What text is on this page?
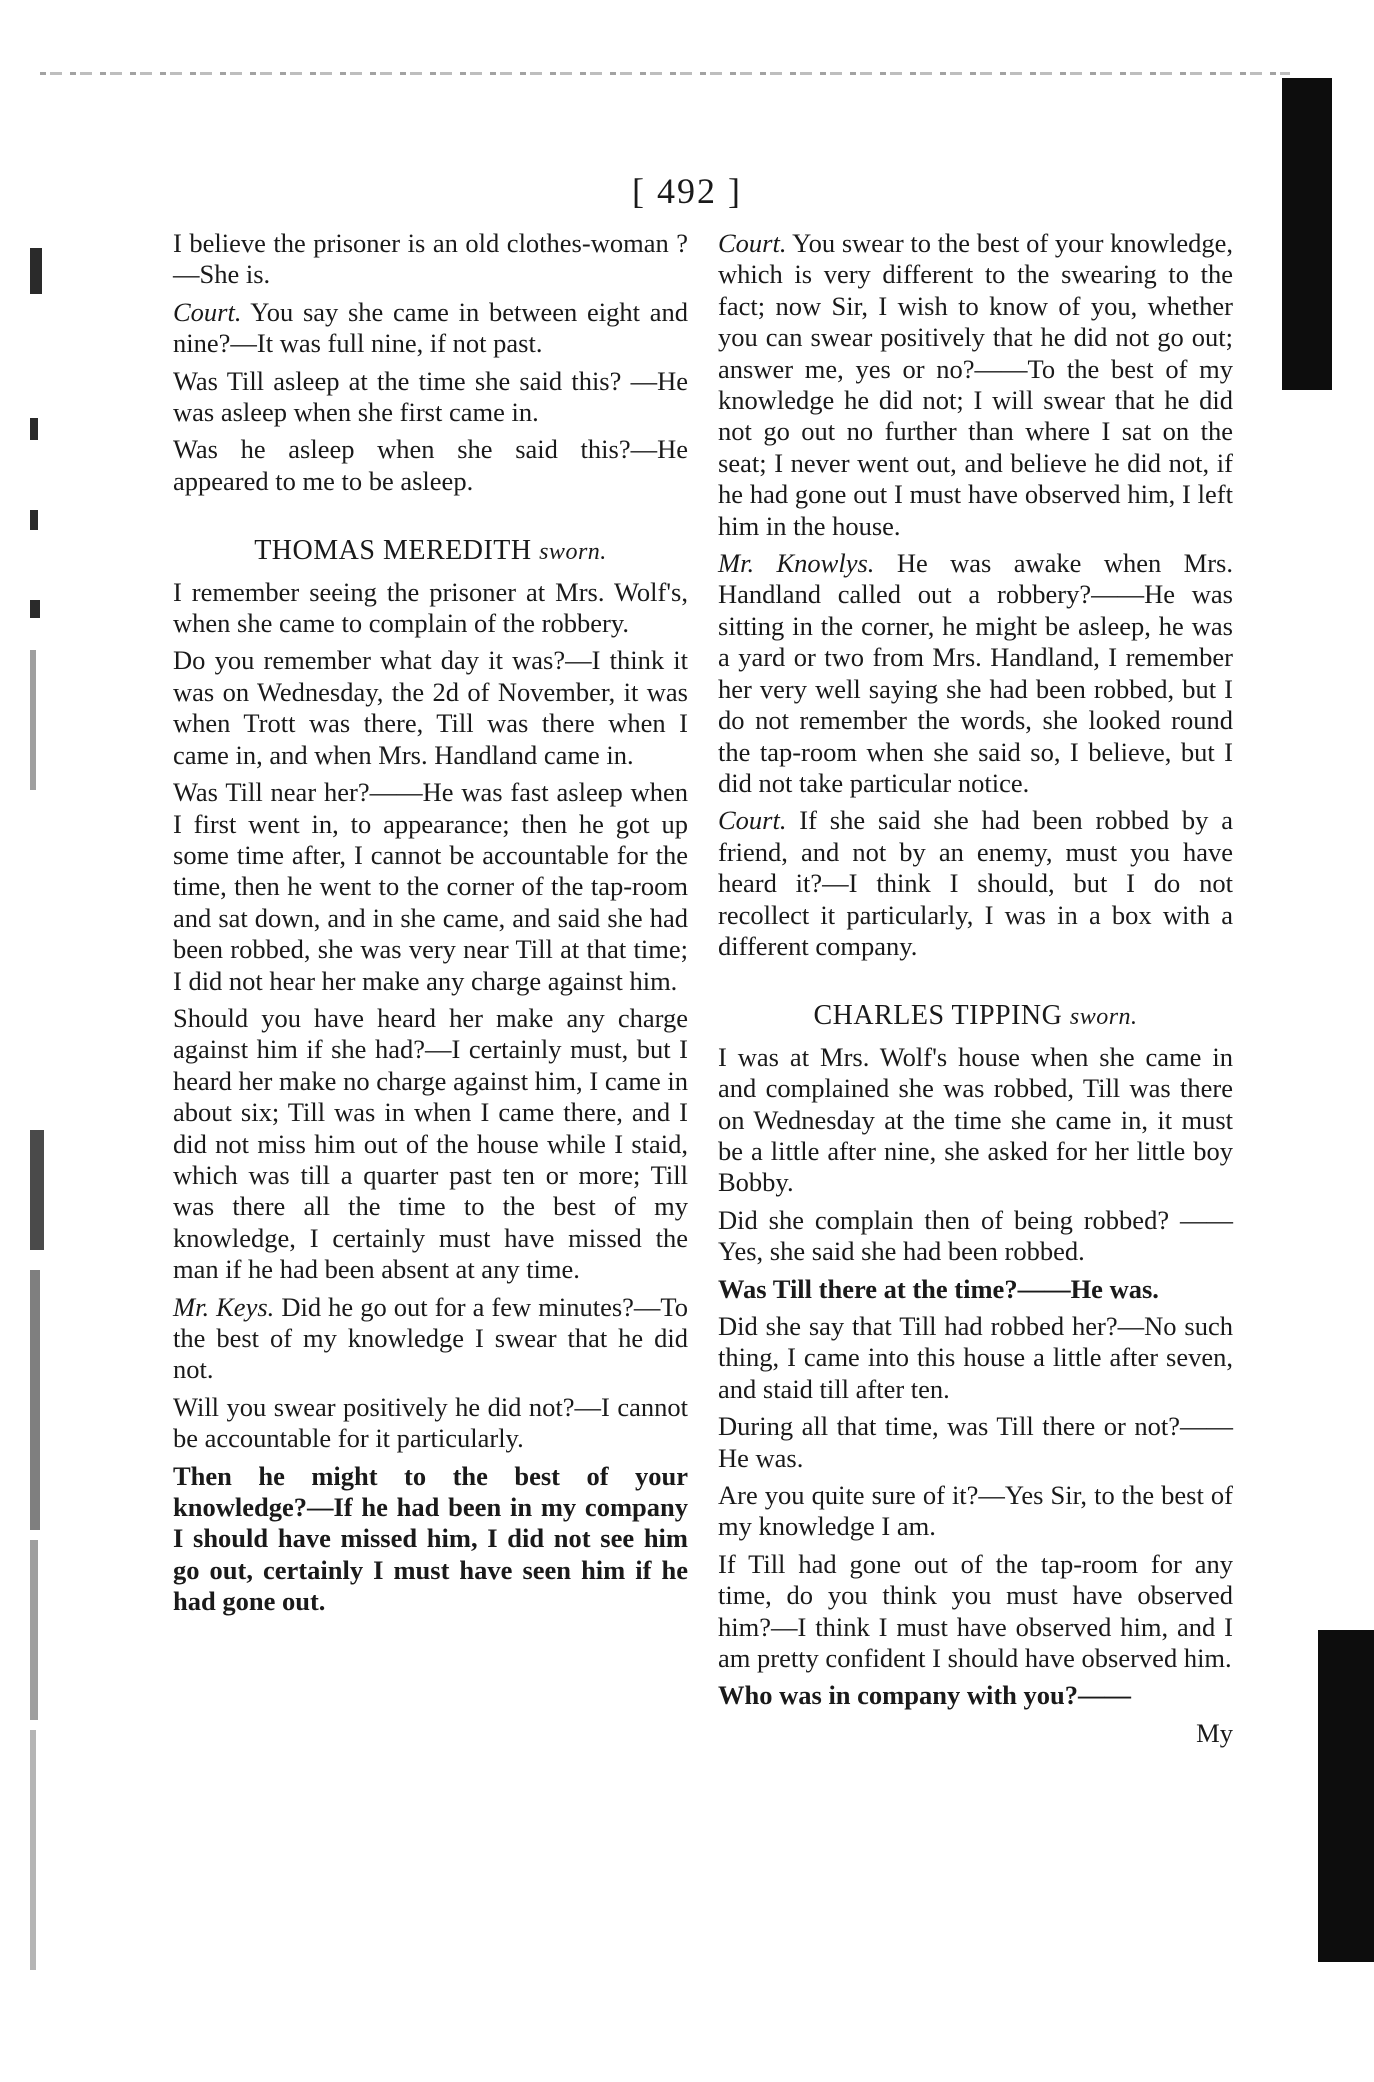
[ 492 ]

I believe the prisoner is an old clothes-woman ?—She is.

Court. You say she came in between eight and nine?—It was full nine, if not past.

Was Till asleep at the time she said this? —He was asleep when she first came in.

Was he asleep when she said this?—He appeared to me to be asleep.

THOMAS MEREDITH sworn.

I remember seeing the prisoner at Mrs. Wolf's, when she came to complain of the robbery.

Do you remember what day it was?—I think it was on Wednesday, the 2d of November, it was when Trott was there, Till was there when I came in, and when Mrs. Handland came in.

Was Till near her?——He was fast asleep when I first went in, to appearance; then he got up some time after, I cannot be accountable for the time, then he went to the corner of the tap-room and sat down, and in she came, and said she had been robbed, she was very near Till at that time; I did not hear her make any charge against him.

Should you have heard her make any charge against him if she had?—I certainly must, but I heard her make no charge against him, I came in about six; Till was in when I came there, and I did not miss him out of the house while I staid, which was till a quarter past ten or more; Till was there all the time to the best of my knowledge, I certainly must have missed the man if he had been absent at any time.

Mr. Keys. Did he go out for a few minutes?—To the best of my knowledge I swear that he did not.

Will you swear positively he did not?—I cannot be accountable for it particularly.

Then he might to the best of your knowledge?—If he had been in my company I should have missed him, I did not see him go out, certainly I must have seen him if he had gone out.

Court. You swear to the best of your knowledge, which is very different to the swearing to the fact; now Sir, I wish to know of you, whether you can swear positively that he did not go out; answer me, yes or no?——To the best of my knowledge he did not; I will swear that he did not go out no further than where I sat on the seat; I never went out, and believe he did not, if he had gone out I must have observed him, I left him in the house.

Mr. Knowlys. He was awake when Mrs. Handland called out a robbery?——He was sitting in the corner, he might be asleep, he was a yard or two from Mrs. Handland, I remember her very well saying she had been robbed, but I do not remember the words, she looked round the tap-room when she said so, I believe, but I did not take particular notice.

Court. If she said she had been robbed by a friend, and not by an enemy, must you have heard it?—I think I should, but I do not recollect it particularly, I was in a box with a different company.

CHARLES TIPPING sworn.

I was at Mrs. Wolf's house when she came in and complained she was robbed, Till was there on Wednesday at the time she came in, it must be a little after nine, she asked for her little boy Bobby.

Did she complain then of being robbed? ——Yes, she said she had been robbed.

Was Till there at the time?——He was.

Did she say that Till had robbed her?—No such thing, I came into this house a little after seven, and staid till after ten.

During all that time, was Till there or not?——He was.

Are you quite sure of it?—Yes Sir, to the best of my knowledge I am.

If Till had gone out of the tap-room for any time, do you think you must have observed him?—I think I must have observed him, and I am pretty confident I should have observed him.

Who was in company with you?——

My
